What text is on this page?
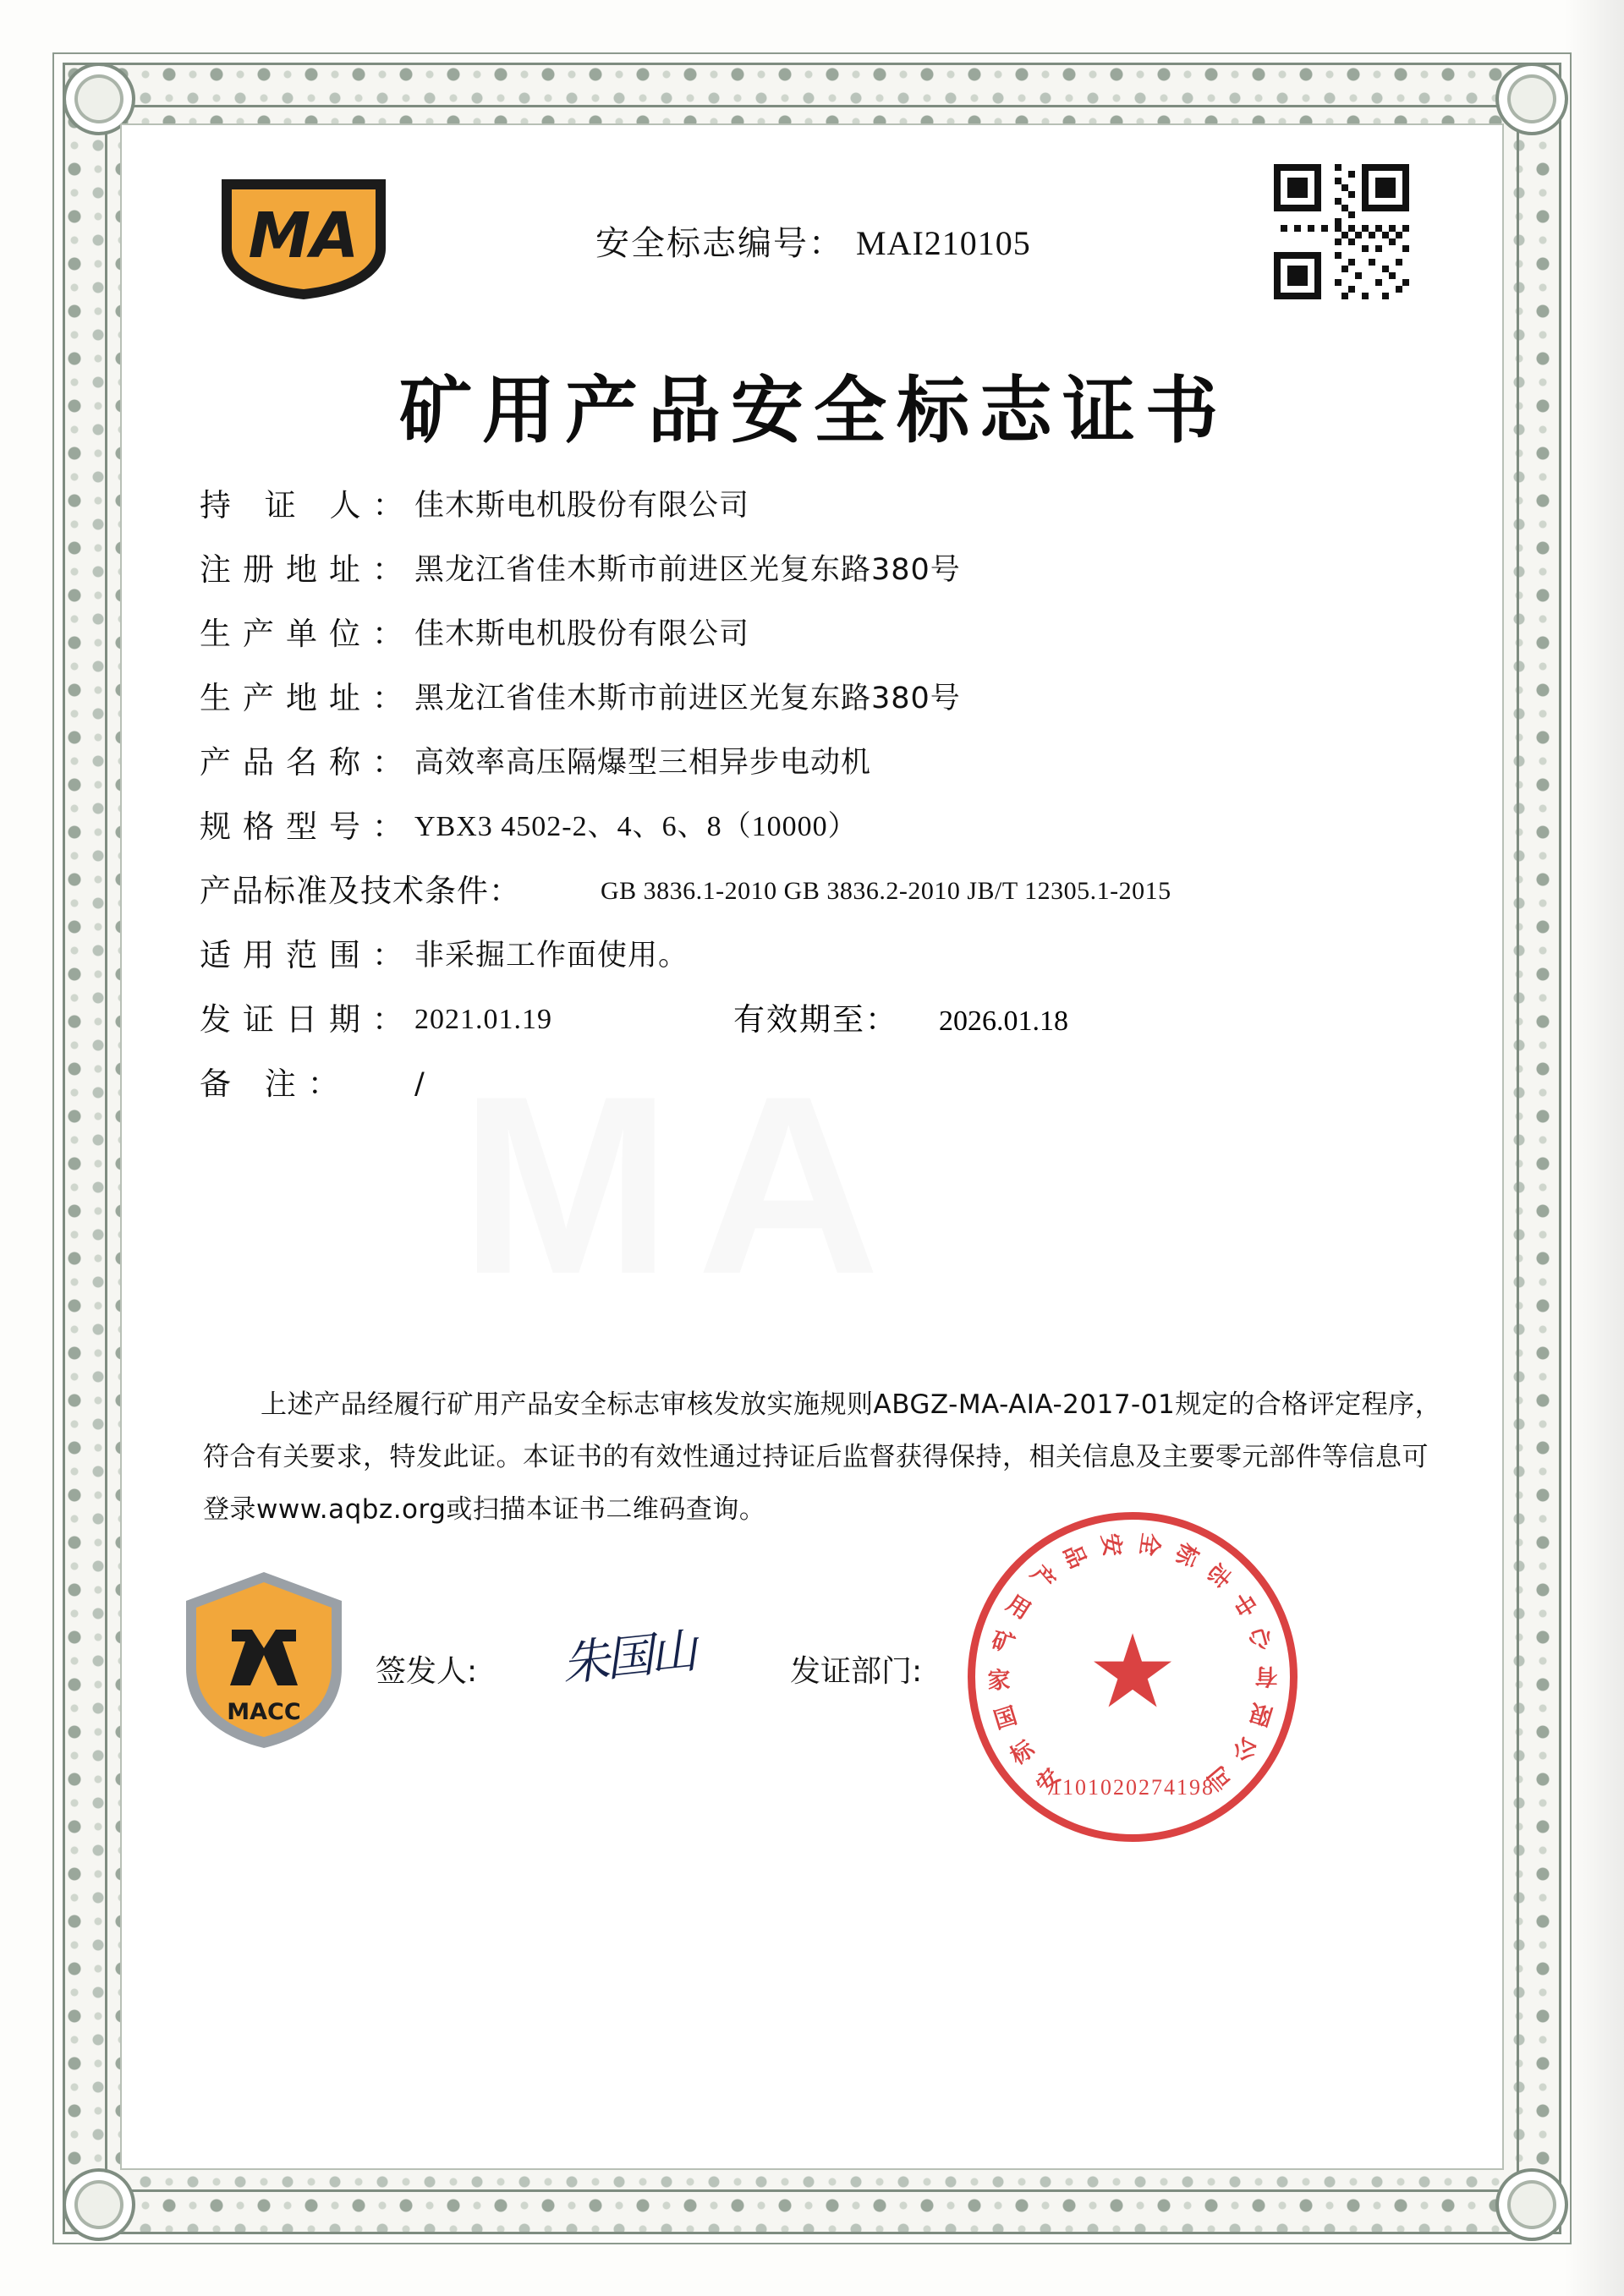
MA
MA	安全标志编号： MAI210105
矿用产品安全标志证书
持 证 人： 佳木斯电机股份有限公司
注册地址： 黑龙江省佳木斯市前进区光复东路380号
生产单位： 佳木斯电机股份有限公司
生产地址： 黑龙江省佳木斯市前进区光复东路380号
产品名称： 高效率高压隔爆型三相异步电动机
规格型号： YBX3 4502-2、4、6、8（10000）
产品标准及技术条件：	GB 3836.1-2010 GB 3836.2-2010 JB/T 12305.1-2015
适用范围： 非采掘工作面使用。
发证日期： 2021.01.19	有效期至： 2026.01.18
备 注： /
上述产品经履行矿用产品安全标志审核发放实施规则ABGZ-MA-AIA-2017-01规定的合格评定程序，符合有关要求，特发此证。本证书的有效性通过持证后监督获得保持，相关信息及主要零元部件等信息可登录www.aqbz.org或扫描本证书二维码查询。
MACC
签发人: 朱国山	发证部门:
安
标
国
家
矿
用
产
品 安 全 标
志
中
心
有
限
公
司
★
1101020274198
